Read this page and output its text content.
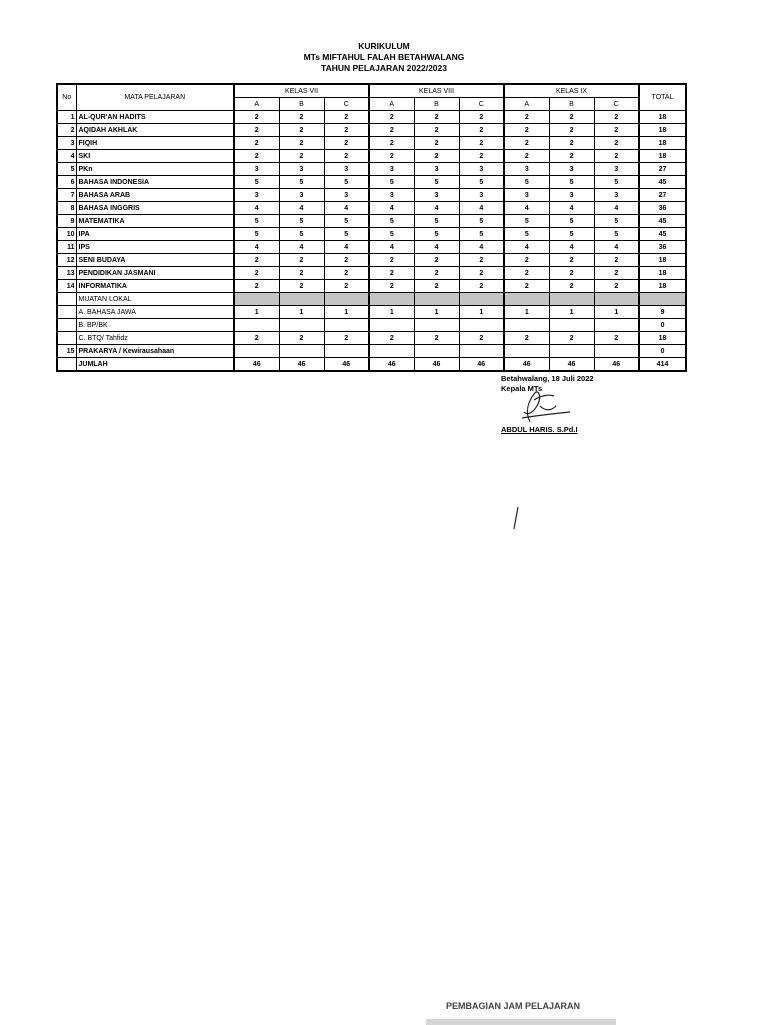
KURIKULUM
MTs MIFTAHUL FALAH BETAHWALANG
TAHUN PELAJARAN 2022/2023
No	MATA PELAJARAN	KELAS VII			KELAS VIII			KELAS IX			TOTAL
		A	B	C	A	B	C	A	B	C	
1	AL-QUR'AN HADITS	2	2	2	2	2	2	2	2	2	18
2	AQIDAH AKHLAK	2	2	2	2	2	2	2	2	2	18
3	FIQIH	2	2	2	2	2	2	2	2	2	18
4	SKI	2	2	2	2	2	2	2	2	2	18
5	PKn	3	3	3	3	3	3	3	3	3	27
6	BAHASA INDONESIA	5	5	5	5	5	5	5	5	5	45
7	BAHASA ARAB	3	3	3	3	3	3	3	3	3	27
8	BAHASA INGGRIS	4	4	4	4	4	4	4	4	4	36
9	MATEMATIKA	5	5	5	5	5	5	5	5	5	45
10	IPA	5	5	5	5	5	5	5	5	5	45
11	IPS	4	4	4	4	4	4	4	4	4	36
12	SENI BUDAYA	2	2	2	2	2	2	2	2	2	18
13	PENDIDIKAN JASMANI	2	2	2	2	2	2	2	2	2	18
14	INFORMATIKA	2	2	2	2	2	2	2	2	2	18
	MUATAN LOKAL										
	A. BAHASA JAWA	1	1	1	1	1	1	1	1	1	9
	B. BP/BK										0
	C. BTQ/ Tahfidz	2	2	2	2	2	2	2	2	2	18
15	PRAKARYA / Kewirausahaan										0
	JUMLAH	46	46	46	46	46	46	46	46	46	414
Betahwalang, 18 Juli 2022
Kepala MTs
ABDUL HARIS. S.Pd.I
PEMBAGIAN JAM PELAJARAN
